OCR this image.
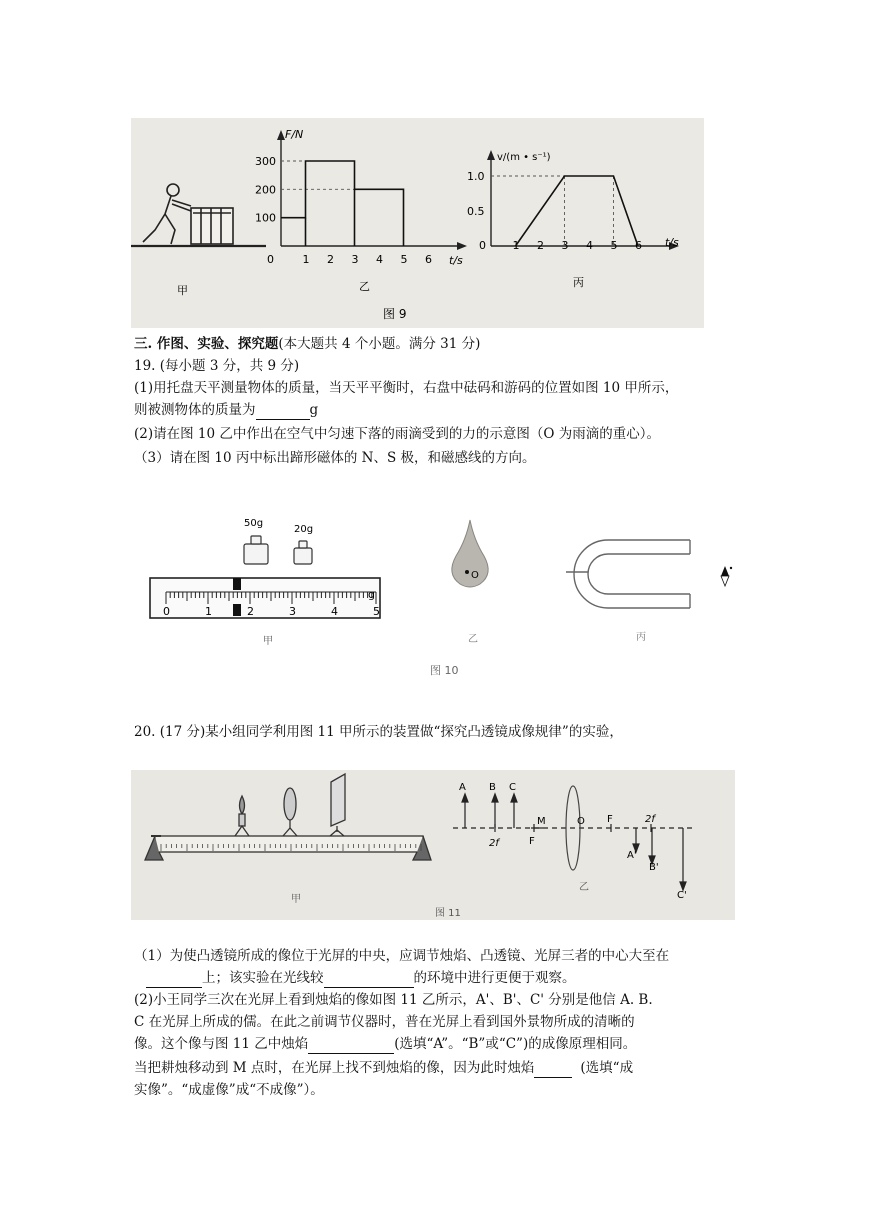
甲
F/N
t/s
100
200
300
0	1 2 3 4 5 6
乙
v/(m • s⁻¹)
t/s
0.5
1.0
0 1 2 3 4 5 6
丙
图 9
三. 作图、实验、探究题(本大题共 4 个小题。满分 31 分)
19. (每小题 3 分，共 9 分)
(1)用托盘天平测量物体的质量，当天平平衡时，右盘中砝码和游码的位置如图 10 甲所示，
则被测物体的质量为	g
(2)请在图 10 乙中作出在空气中匀速下落的雨滴受到的力的示意图（O 为雨滴的重心）。
（3）请在图 10 丙中标出蹄形磁体的 N、S 极，和磁感线的方向。
50g
20g
g
0	1	2	3	4	5
甲
O
乙	丙
图 10
20. (17 分)某小组同学利用图 11 甲所示的装置做“探究凸透镜成像规律”的实验，
甲
A B C
2f	F
M	O F	2f
A'
B'
C'
乙
图 11
（1）为使凸透镜所成的像位于光屏的中央，应调节烛焰、凸透镜、光屏三者的中心大至在
上；该实验在光线较	的环境中进行更便于观察。
(2)小王同学三次在光屏上看到烛焰的像如图 11 乙所示，A'、B'、C' 分别是他信 A. B.
C 在光屏上所成的儒。在此之前调节仪器时，普在光屏上看到国外景物所成的清晰的
像。这个像与图 11 乙中烛焰	(选填“A”。“B”或“C”)的成像原理相同。
当把耕烛移动到 M 点时，在光屏上找不到烛焰的像，因为此时烛焰	(选填“成
实像”。“成虚像”成“不成像”）。
